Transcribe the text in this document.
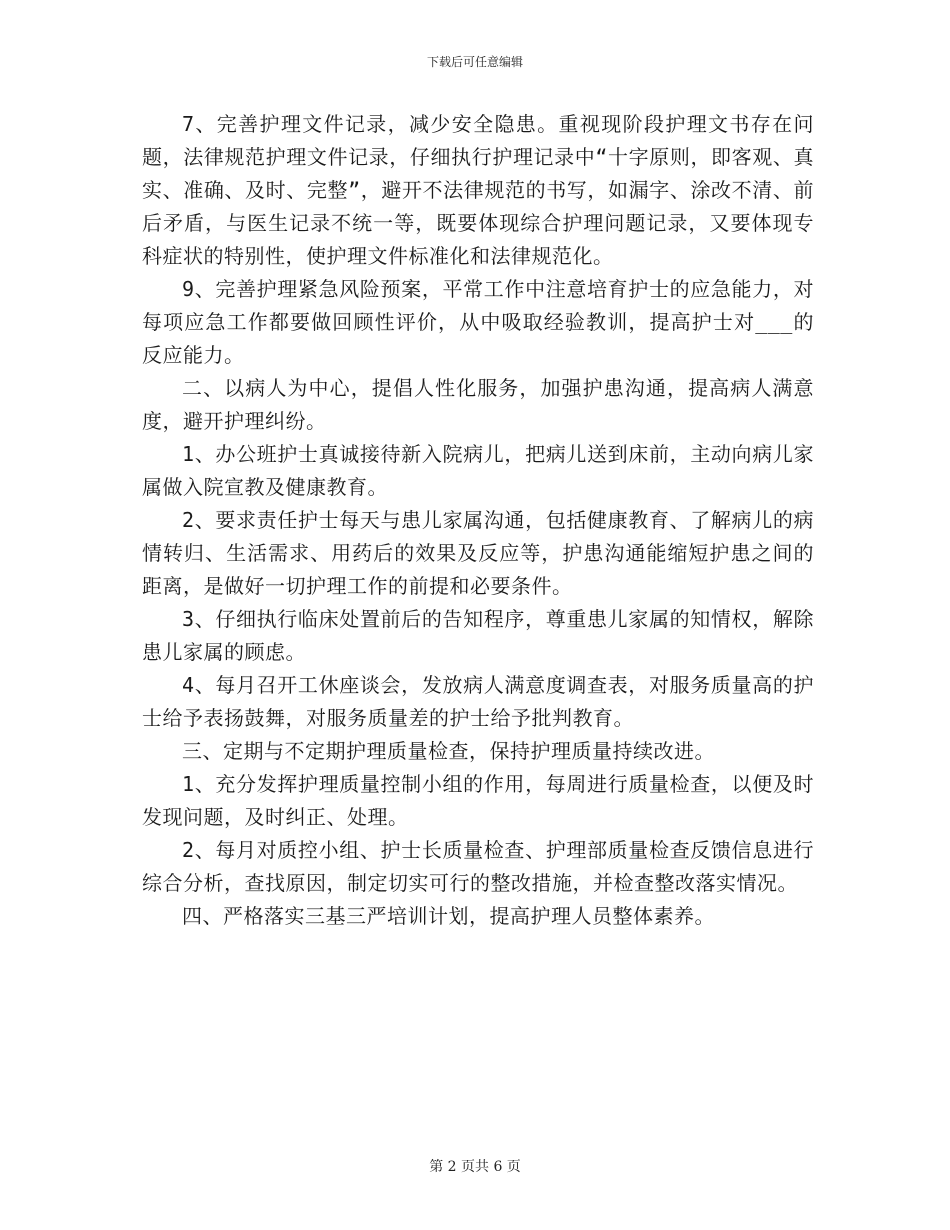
下载后可任意编辑

7、完善护理文件记录，减少安全隐患。重视现阶段护理文书存在问题，法律规范护理文件记录，仔细执行护理记录中“十字原则，即客观、真实、准确、及时、完整”，避开不法律规范的书写，如漏字、涂改不清、前后矛盾，与医生记录不统一等，既要体现综合护理问题记录，又要体现专科症状的特别性，使护理文件标准化和法律规范化。

9、完善护理紧急风险预案，平常工作中注意培育护士的应急能力，对每项应急工作都要做回顾性评价，从中吸取经验教训，提高护士对___的反应能力。

二、以病人为中心，提倡人性化服务，加强护患沟通，提高病人满意度，避开护理纠纷。

1、办公班护士真诚接待新入院病儿，把病儿送到床前，主动向病儿家属做入院宣教及健康教育。

2、要求责任护士每天与患儿家属沟通，包括健康教育、了解病儿的病情转归、生活需求、用药后的效果及反应等，护患沟通能缩短护患之间的距离，是做好一切护理工作的前提和必要条件。

3、仔细执行临床处置前后的告知程序，尊重患儿家属的知情权，解除患儿家属的顾虑。

4、每月召开工休座谈会，发放病人满意度调查表，对服务质量高的护士给予表扬鼓舞，对服务质量差的护士给予批判教育。

三、定期与不定期护理质量检查，保持护理质量持续改进。

1、充分发挥护理质量控制小组的作用，每周进行质量检查，以便及时发现问题，及时纠正、处理。

2、每月对质控小组、护士长质量检查、护理部质量检查反馈信息进行综合分析，查找原因，制定切实可行的整改措施，并检查整改落实情况。

四、严格落实三基三严培训计划，提高护理人员整体素养。

第 2 页共 6 页
